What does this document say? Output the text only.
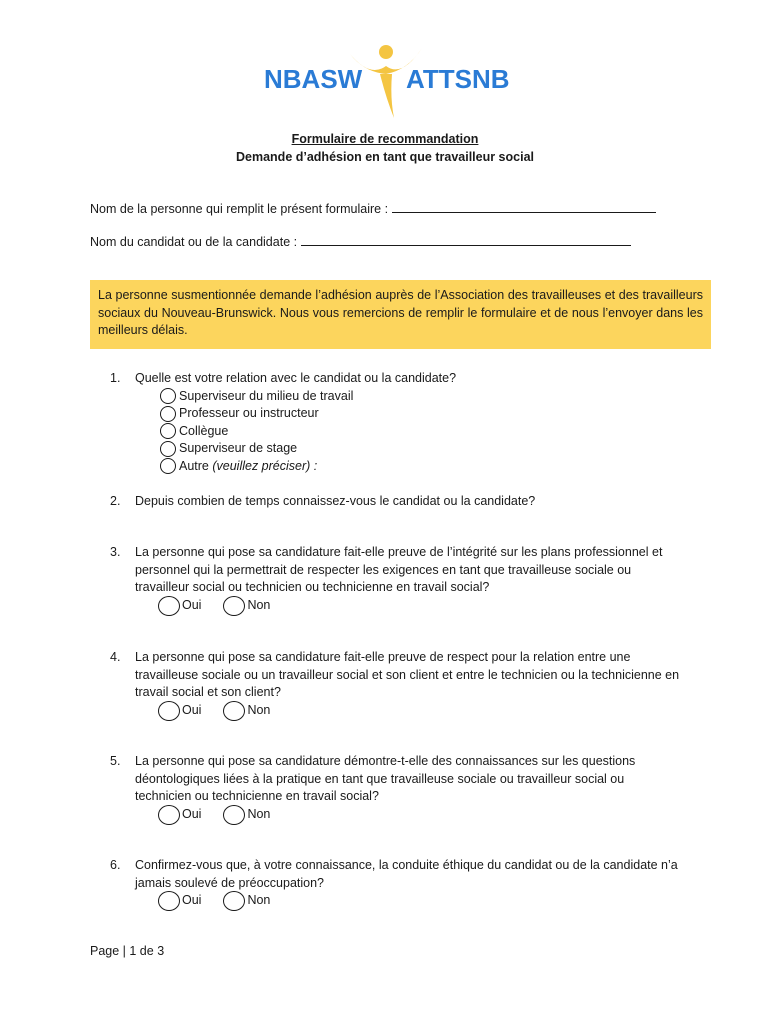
NBASW ATTSNB
Formulaire de recommandation
Demande d’adhésion en tant que travailleur social
Nom de la personne qui remplit le présent formulaire :
Nom du candidat ou de la candidate :
La personne susmentionnée demande l’adhésion auprès de l’Association des travailleuses et des travailleurs sociaux du Nouveau-Brunswick. Nous vous remercions de remplir le formulaire et de nous l’envoyer dans les meilleurs délais.
1.	Quelle est votre relation avec le candidat ou la candidate?
Superviseur du milieu de travail
Professeur ou instructeur
Collègue
Superviseur de stage
Autre (veuillez préciser) :
2.	Depuis combien de temps connaissez-vous le candidat ou la candidate?
3.	La personne qui pose sa candidature fait-elle preuve de l’intégrité sur les plans professionnel et personnel qui la permettrait de respecter les exigences en tant que travailleuse sociale ou travailleur social ou technicien ou technicienne en travail social?
Oui	Non
4.	La personne qui pose sa candidature fait-elle preuve de respect pour la relation entre une travailleuse sociale ou un travailleur social et son client et entre le technicien ou la technicienne en travail social et son client?
Oui	Non
5.	La personne qui pose sa candidature démontre-t-elle des connaissances sur les questions déontologiques liées à la pratique en tant que travailleuse sociale ou travailleur social ou technicien ou technicienne en travail social?
Oui	Non
6.	Confirmez-vous que, à votre connaissance, la conduite éthique du candidat ou de la candidate n’a jamais soulevé de préoccupation?
Oui	Non
Page | 1 de 3
